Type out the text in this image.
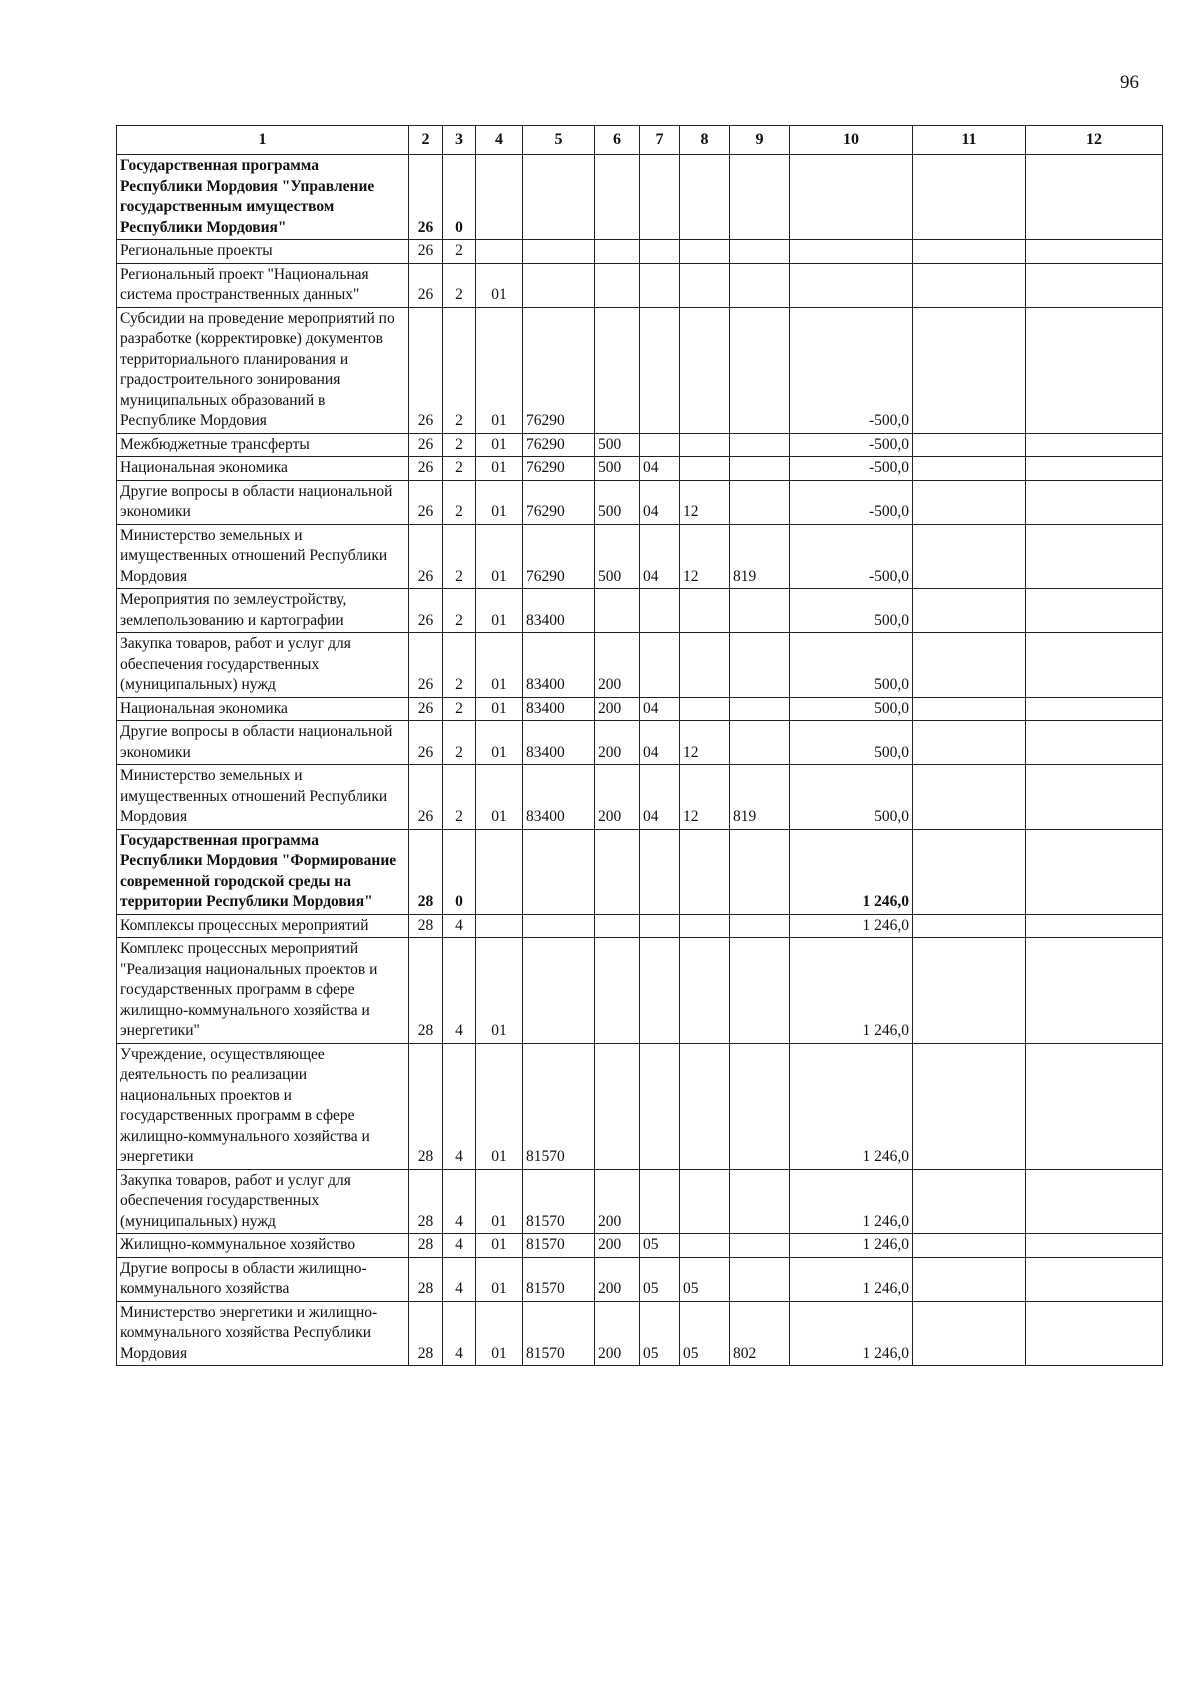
96
1	2	3	4	5	6	7	8	9	10	11	12
Государственная программа Республики Мордовия "Управление государственным имуществом Республики Мордовия"	26	0									
Региональные проекты	26	2									
Региональный проект "Национальная система пространственных данных"	26	2	01								
Субсидии на проведение мероприятий по разработке (корректировке) документов территориального планирования и градостроительного зонирования муниципальных образований в Республике Мордовия	26	2	01	76290					-500,0		
Межбюджетные трансферты	26	2	01	76290	500				-500,0		
Национальная экономика	26	2	01	76290	500	04			-500,0		
Другие вопросы в области национальной экономики	26	2	01	76290	500	04	12		-500,0		
Министерство земельных и имущественных отношений Республики Мордовия	26	2	01	76290	500	04	12	819	-500,0		
Мероприятия по землеустройству, землепользованию и картографии	26	2	01	83400					500,0		
Закупка товаров, работ и услуг для обеспечения государственных (муниципальных) нужд	26	2	01	83400	200				500,0		
Национальная экономика	26	2	01	83400	200	04			500,0		
Другие вопросы в области национальной экономики	26	2	01	83400	200	04	12		500,0		
Министерство земельных и имущественных отношений Республики Мордовия	26	2	01	83400	200	04	12	819	500,0		
Государственная программа Республики Мордовия "Формирование современной городской среды на территории Республики Мордовия"	28	0							1 246,0		
Комплексы процессных мероприятий	28	4							1 246,0		
Комплекс процессных мероприятий "Реализация национальных проектов и государственных программ в сфере жилищно-коммунального хозяйства и энергетики"	28	4	01						1 246,0		
Учреждение, осуществляющее деятельность по реализации национальных проектов и государственных программ в сфере жилищно-коммунального хозяйства и энергетики	28	4	01	81570					1 246,0		
Закупка товаров, работ и услуг для обеспечения государственных (муниципальных) нужд	28	4	01	81570	200				1 246,0		
Жилищно-коммунальное хозяйство	28	4	01	81570	200	05			1 246,0		
Другие вопросы в области жилищно-коммунального хозяйства	28	4	01	81570	200	05	05		1 246,0		
Министерство энергетики и жилищно-коммунального хозяйства Республики Мордовия	28	4	01	81570	200	05	05	802	1 246,0		
